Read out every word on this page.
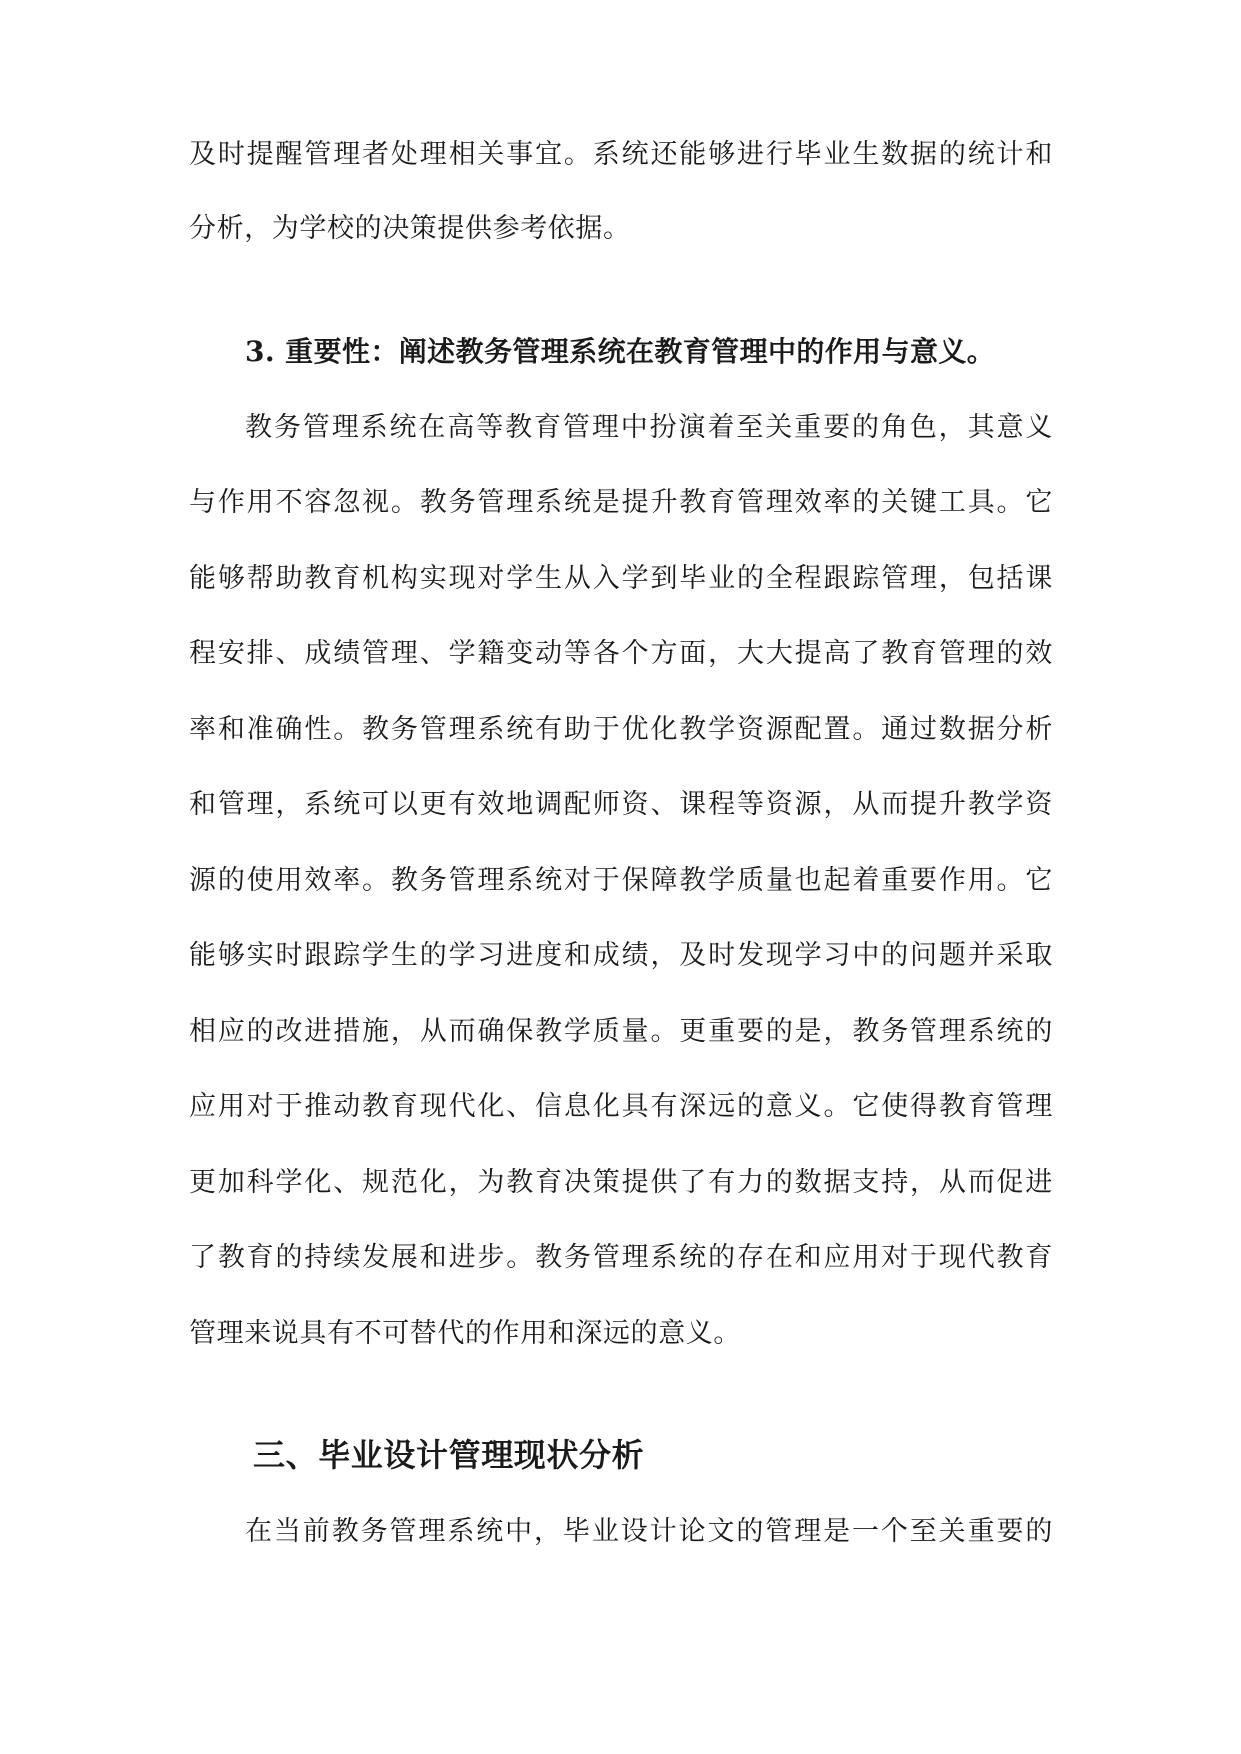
及时提醒管理者处理相关事宜。系统还能够进行毕业生数据的统计和
分析，为学校的决策提供参考依据。
3. 重要性：阐述教务管理系统在教育管理中的作用与意义。
教务管理系统在高等教育管理中扮演着至关重要的角色，其意义
与作用不容忽视。教务管理系统是提升教育管理效率的关键工具。它
能够帮助教育机构实现对学生从入学到毕业的全程跟踪管理，包括课
程安排、成绩管理、学籍变动等各个方面，大大提高了教育管理的效
率和准确性。教务管理系统有助于优化教学资源配置。通过数据分析
和管理，系统可以更有效地调配师资、课程等资源，从而提升教学资
源的使用效率。教务管理系统对于保障教学质量也起着重要作用。它
能够实时跟踪学生的学习进度和成绩，及时发现学习中的问题并采取
相应的改进措施，从而确保教学质量。更重要的是，教务管理系统的
应用对于推动教育现代化、信息化具有深远的意义。它使得教育管理
更加科学化、规范化，为教育决策提供了有力的数据支持，从而促进
了教育的持续发展和进步。教务管理系统的存在和应用对于现代教育
管理来说具有不可替代的作用和深远的意义。
三、毕业设计管理现状分析
在当前教务管理系统中，毕业设计论文的管理是一个至关重要的
